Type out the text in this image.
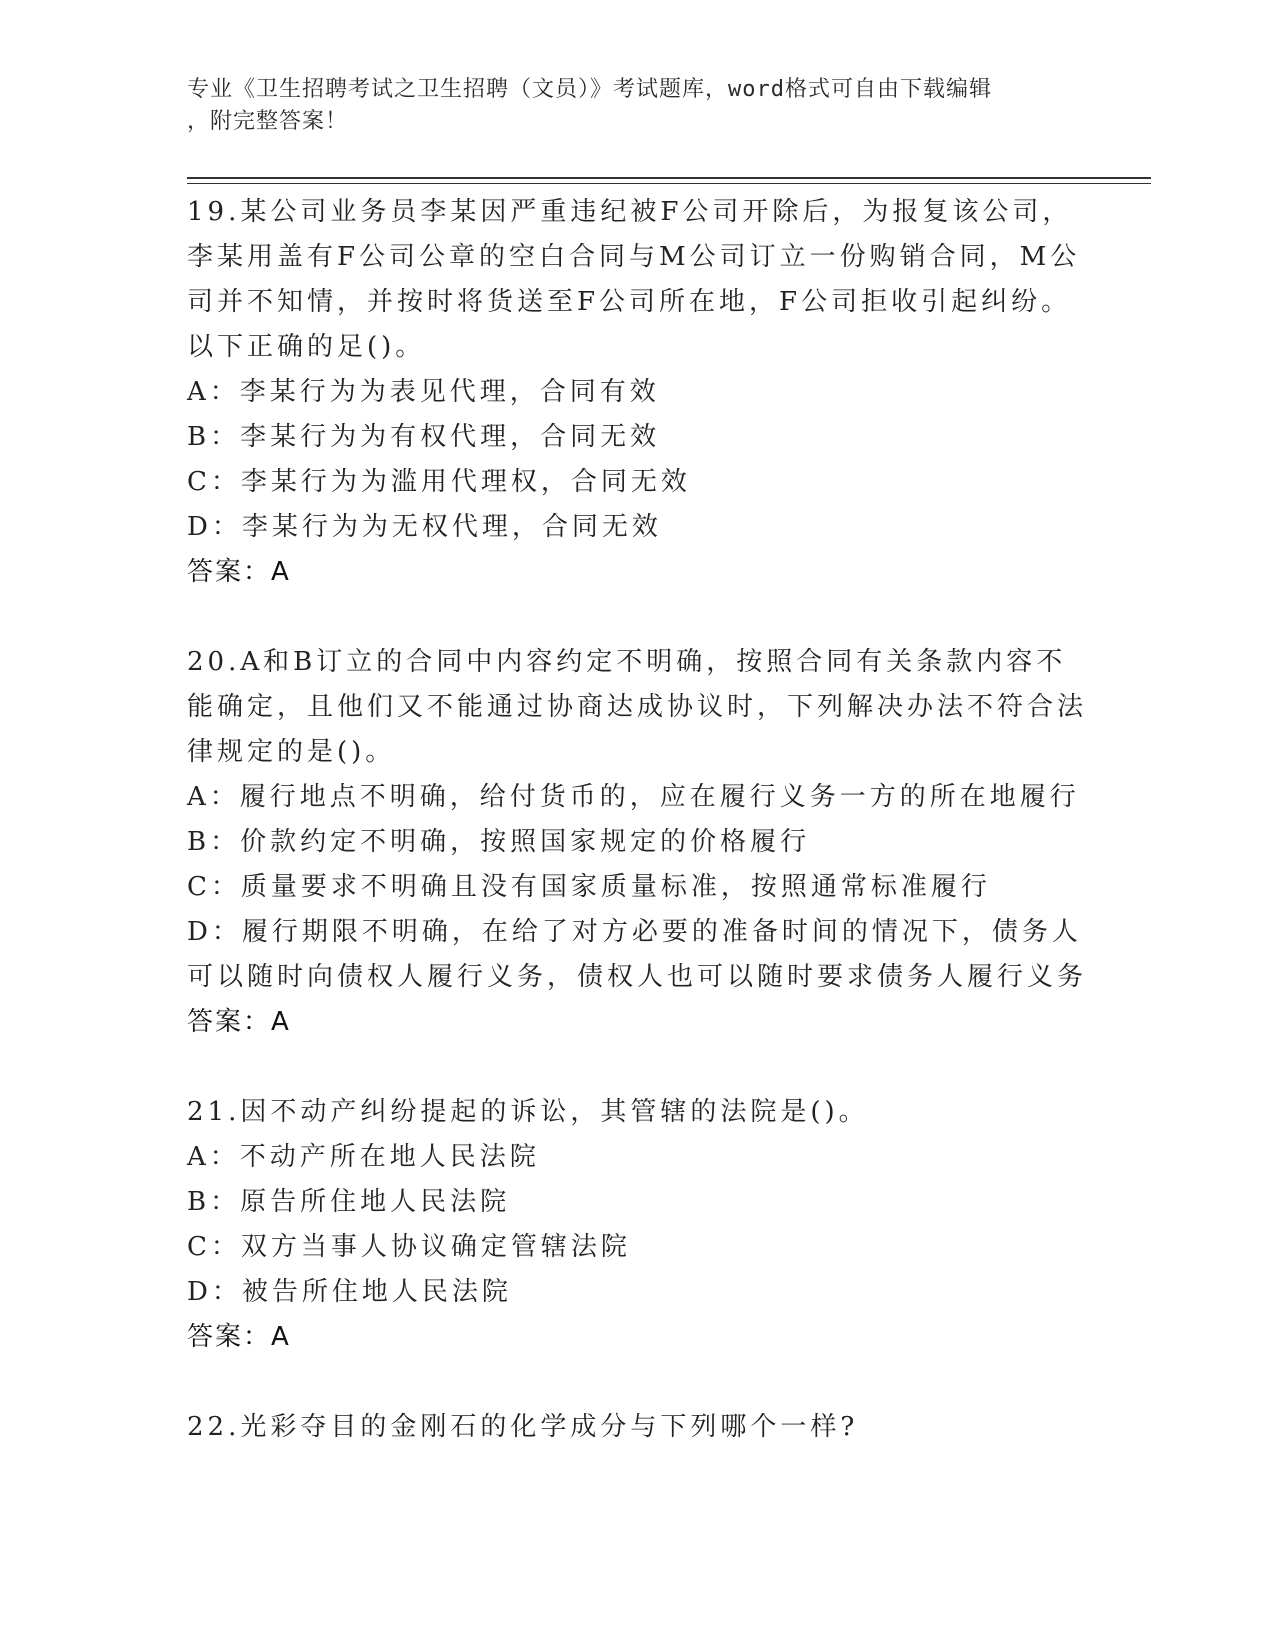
专业《卫生招聘考试之卫生招聘（文员）》考试题库，word格式可自由下载编辑
，附完整答案！

19.某公司业务员李某因严重违纪被F公司开除后，为报复该公司，李某用盖有F公司公章的空白合同与M公司订立一份购销合同，M公司并不知情，并按时将货送至F公司所在地，F公司拒收引起纠纷。以下正确的足()。

A：李某行为为表见代理，合同有效

B：李某行为为有权代理，合同无效

C：李某行为为滥用代理权，合同无效

D：李某行为为无权代理，合同无效

答案：A

20.A和B订立的合同中内容约定不明确，按照合同有关条款内容不能确定，且他们又不能通过协商达成协议时，下列解决办法不符合法律规定的是()。

A：履行地点不明确，给付货币的，应在履行义务一方的所在地履行

B：价款约定不明确，按照国家规定的价格履行

C：质量要求不明确且没有国家质量标准，按照通常标准履行

D：履行期限不明确，在给了对方必要的准备时间的情况下，债务人可以随时向债权人履行义务，债权人也可以随时要求债务人履行义务

答案：A

21.因不动产纠纷提起的诉讼，其管辖的法院是()。

A：不动产所在地人民法院

B：原告所住地人民法院

C：双方当事人协议确定管辖法院

D：被告所住地人民法院

答案：A

22.光彩夺目的金刚石的化学成分与下列哪个一样?
